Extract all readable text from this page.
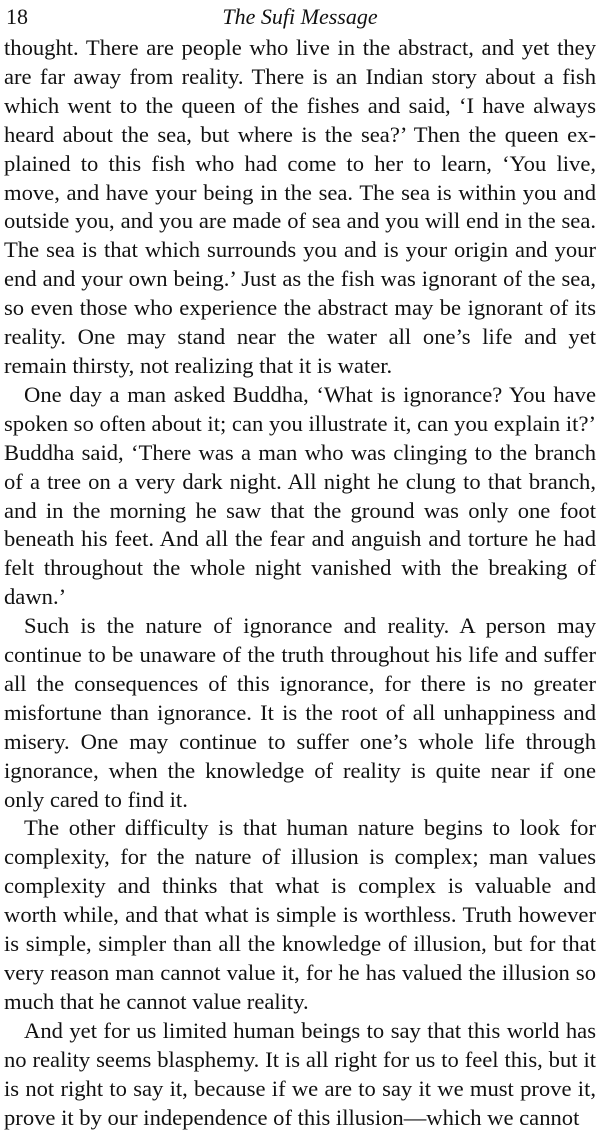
18	The Sufi Message

thought. There are people who live in the abstract, and yet they are far away from reality. There is an Indian story about a fish which went to the queen of the fishes and said, ‘I have always heard about the sea, but where is the sea?’ Then the queen explained to this fish who had come to her to learn, ‘You live, move, and have your being in the sea. The sea is within you and outside you, and you are made of sea and you will end in the sea. The sea is that which surrounds you and is your origin and your end and your own being.’ Just as the fish was ignorant of the sea, so even those who experience the abstract may be ignorant of its reality. One may stand near the water all one’s life and yet remain thirsty, not realizing that it is water.

One day a man asked Buddha, ‘What is ignorance? You have spoken so often about it; can you illustrate it, can you explain it?’ Buddha said, ‘There was a man who was clinging to the branch of a tree on a very dark night. All night he clung to that branch, and in the morning he saw that the ground was only one foot beneath his feet. And all the fear and anguish and torture he had felt throughout the whole night vanished with the breaking of dawn.’

Such is the nature of ignorance and reality. A person may continue to be unaware of the truth throughout his life and suffer all the consequences of this ignorance, for there is no greater misfortune than ignorance. It is the root of all unhappiness and misery. One may continue to suffer one’s whole life through ignorance, when the knowledge of reality is quite near if one only cared to find it.

The other difficulty is that human nature begins to look for complexity, for the nature of illusion is complex; man values complexity and thinks that what is complex is valuable and worth while, and that what is simple is worthless. Truth however is simple, simpler than all the knowledge of illusion, but for that very reason man cannot value it, for he has valued the illusion so much that he cannot value reality.

And yet for us limited human beings to say that this world has no reality seems blasphemy. It is all right for us to feel this, but it is not right to say it, because if we are to say it we must prove it, prove it by our independence of this illusion—which we cannot
